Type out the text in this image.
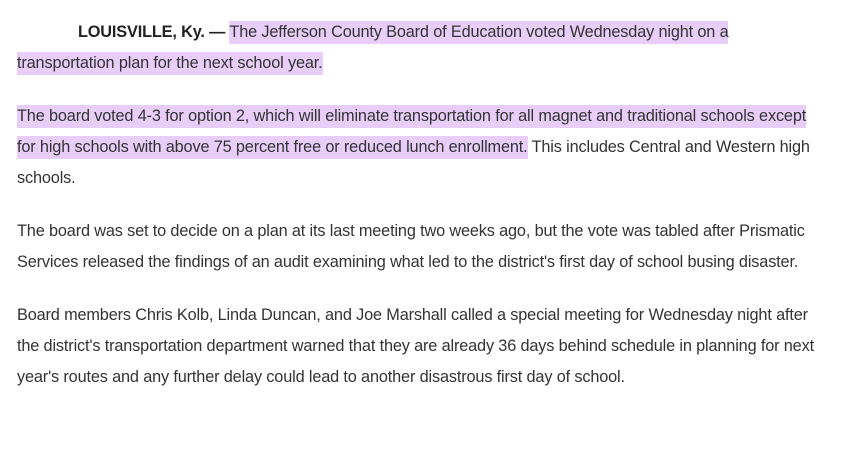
LOUISVILLE, Ky. — The Jefferson County Board of Education voted Wednesday night on a transportation plan for the next school year.

The board voted 4-3 for option 2, which will eliminate transportation for all magnet and traditional schools except for high schools with above 75 percent free or reduced lunch enrollment. This includes Central and Western high schools.

The board was set to decide on a plan at its last meeting two weeks ago, but the vote was tabled after Prismatic Services released the findings of an audit examining what led to the district's first day of school busing disaster.

Board members Chris Kolb, Linda Duncan, and Joe Marshall called a special meeting for Wednesday night after the district's transportation department warned that they are already 36 days behind schedule in planning for next year's routes and any further delay could lead to another disastrous first day of school.
